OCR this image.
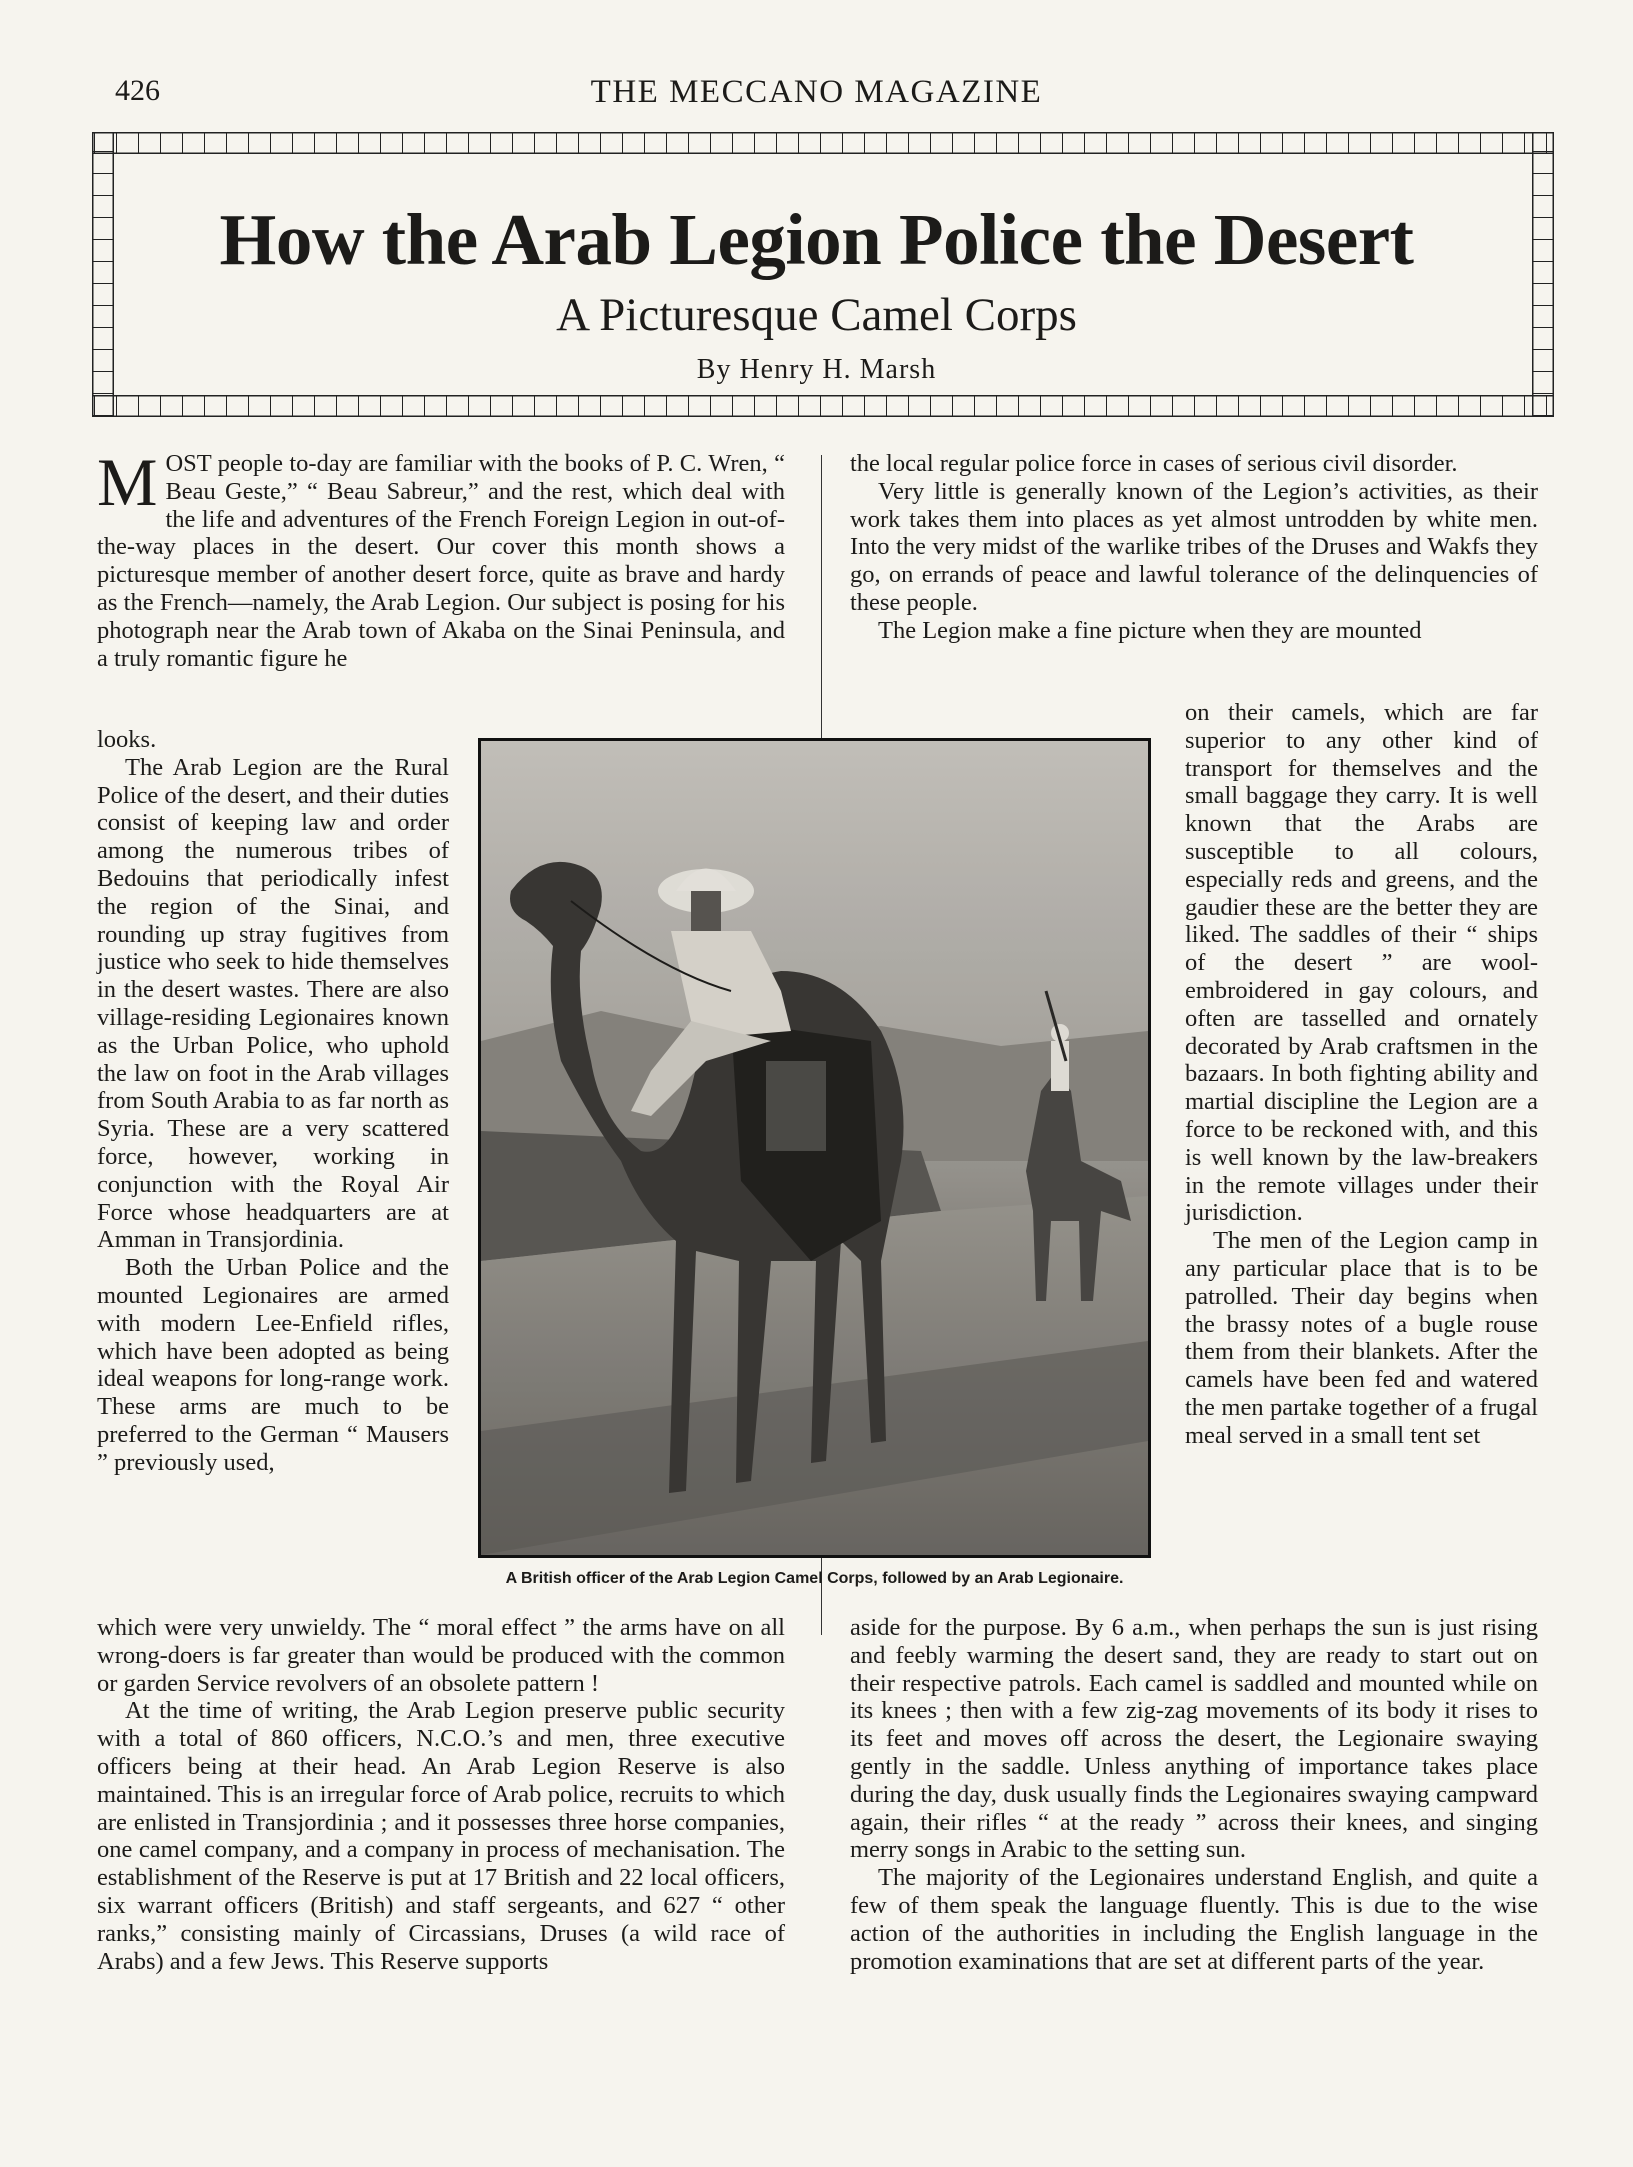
426	THE MECCANO MAGAZINE
How the Arab Legion Police the Desert
A Picturesque Camel Corps
By Henry H. Marsh
M OST people to-day are familiar with the books of P. C. Wren, “ Beau Geste,” “ Beau Sabreur,” and the rest, which deal with the life and adventures of the French Foreign Legion in out-of-the-way places in the desert. Our cover this month shows a picturesque member of another desert force, quite as brave and hardy as the French—namely, the Arab Legion. Our subject is posing for his photograph near the Arab town of Akaba on the Sinai Peninsula, and a truly romantic figure he

looks.

The Arab Legion are the Rural Police of the desert, and their duties consist of keeping law and order among the numerous tribes of Bedouins that periodically infest the region of the Sinai, and rounding up stray fugitives from justice who seek to hide themselves in the desert wastes. There are also village-residing Legionaires known as the Urban Police, who uphold the law on foot in the Arab villages from South Arabia to as far north as Syria. These are a very scattered force, however, working in conjunction with the Royal Air Force whose headquarters are at Amman in Transjordinia.

Both the Urban Police and the mounted Legionaires are armed with modern Lee-Enfield rifles, which have been adopted as being ideal weapons for long-range work. These arms are much to be preferred to the German “ Mausers ” previously used,

which were very unwieldy. The “ moral effect ” the arms have on all wrong-doers is far greater than would be produced with the common or garden Service revolvers of an obsolete pattern !

At the time of writing, the Arab Legion preserve public security with a total of 860 officers, N.C.O.’s and men, three executive officers being at their head. An Arab Legion Reserve is also maintained. This is an irregular force of Arab police, recruits to which are enlisted in Transjordinia ; and it possesses three horse companies, one camel company, and a company in process of mechanisation. The establishment of the Reserve is put at 17 British and 22 local officers, six warrant officers (British) and staff sergeants, and 627 “ other ranks,” consisting mainly of Circassians, Druses (a wild race of Arabs) and a few Jews. This Reserve supports

the local regular police force in cases of serious civil disorder.

Very little is generally known of the Legion’s activities, as their work takes them into places as yet almost untrodden by white men. Into the very midst of the warlike tribes of the Druses and Wakfs they go, on errands of peace and lawful tolerance of the delinquencies of these people.

The Legion make a fine picture when they are mounted

on their camels, which are far superior to any other kind of transport for themselves and the small baggage they carry. It is well known that the Arabs are susceptible to all colours, especially reds and greens, and the gaudier these are the better they are liked. The saddles of their “ ships of the desert ” are wool-embroidered in gay colours, and often are tasselled and ornately decorated by Arab craftsmen in the bazaars. In both fighting ability and martial discipline the Legion are a force to be reckoned with, and this is well known by the law-breakers in the remote villages under their jurisdiction.

The men of the Legion camp in any particular place that is to be patrolled. Their day begins when the brassy notes of a bugle rouse them from their blankets. After the camels have been fed and watered the men partake together of a frugal meal served in a small tent set

aside for the purpose. By 6 a.m., when perhaps the sun is just rising and feebly warming the desert sand, they are ready to start out on their respective patrols. Each camel is saddled and mounted while on its knees ; then with a few zig-zag movements of its body it rises to its feet and moves off across the desert, the Legionaire swaying gently in the saddle. Unless anything of importance takes place during the day, dusk usually finds the Legionaires swaying campward again, their rifles “ at the ready ” across their knees, and singing merry songs in Arabic to the setting sun.

The majority of the Legionaires understand English, and quite a few of them speak the language fluently. This is due to the wise action of the authorities in including the English language in the promotion examinations that are set at different parts of the year.

A British officer of the Arab Legion Camel Corps, followed by an Arab Legionaire.
